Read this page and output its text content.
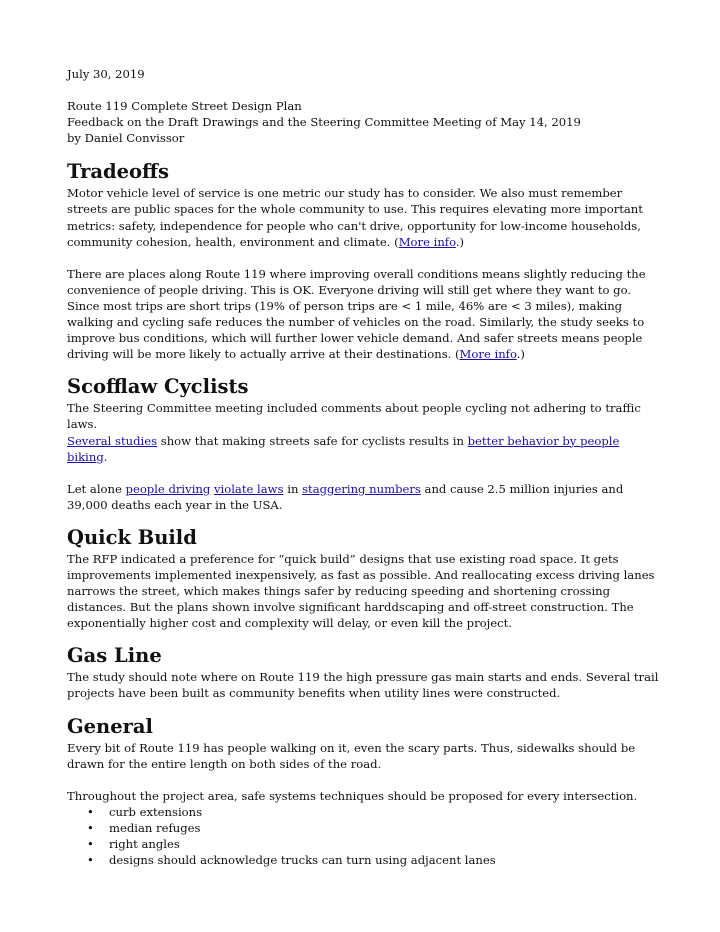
July 30, 2019

Route 119 Complete Street Design Plan

Feedback on the Draft Drawings and the Steering Committee Meeting of May 14, 2019

by Daniel Convissor

Tradeoffs

Motor vehicle level of service is one metric our study has to consider. We also must remember streets are public spaces for the whole community to use. This requires elevating more important metrics: safety, independence for people who can't drive, opportunity for low-income households, community cohesion, health, environment and climate. (More info.)

There are places along Route 119 where improving overall conditions means slightly reducing the convenience of people driving. This is OK. Everyone driving will still get where they want to go. Since most trips are short trips (19% of person trips are < 1 mile, 46% are < 3 miles), making walking and cycling safe reduces the number of vehicles on the road. Similarly, the study seeks to improve bus conditions, which will further lower vehicle demand. And safer streets means people driving will be more likely to actually arrive at their destinations. (More info.)

Scofflaw Cyclists

The Steering Committee meeting included comments about people cycling not adhering to traffic laws.
Several studies show that making streets safe for cyclists results in better behavior by people biking.

Let alone people driving violate laws in staggering numbers and cause 2.5 million injuries and 39,000 deaths each year in the USA.

Quick Build

The RFP indicated a preference for “quick build” designs that use existing road space. It gets improvements implemented inexpensively, as fast as possible. And reallocating excess driving lanes narrows the street, which makes things safer by reducing speeding and shortening crossing distances. But the plans shown involve significant harddscaping and off-street construction. The exponentially higher cost and complexity will delay, or even kill the project.

Gas Line

The study should note where on Route 119 the high pressure gas main starts and ends. Several trail projects have been built as community benefits when utility lines were constructed.

General

Every bit of Route 119 has people walking on it, even the scary parts. Thus, sidewalks should be drawn for the entire length on both sides of the road.

Throughout the project area, safe systems techniques should be proposed for every intersection.

• curb extensions
• median refuges
• right angles
• designs should acknowledge trucks can turn using adjacent lanes
